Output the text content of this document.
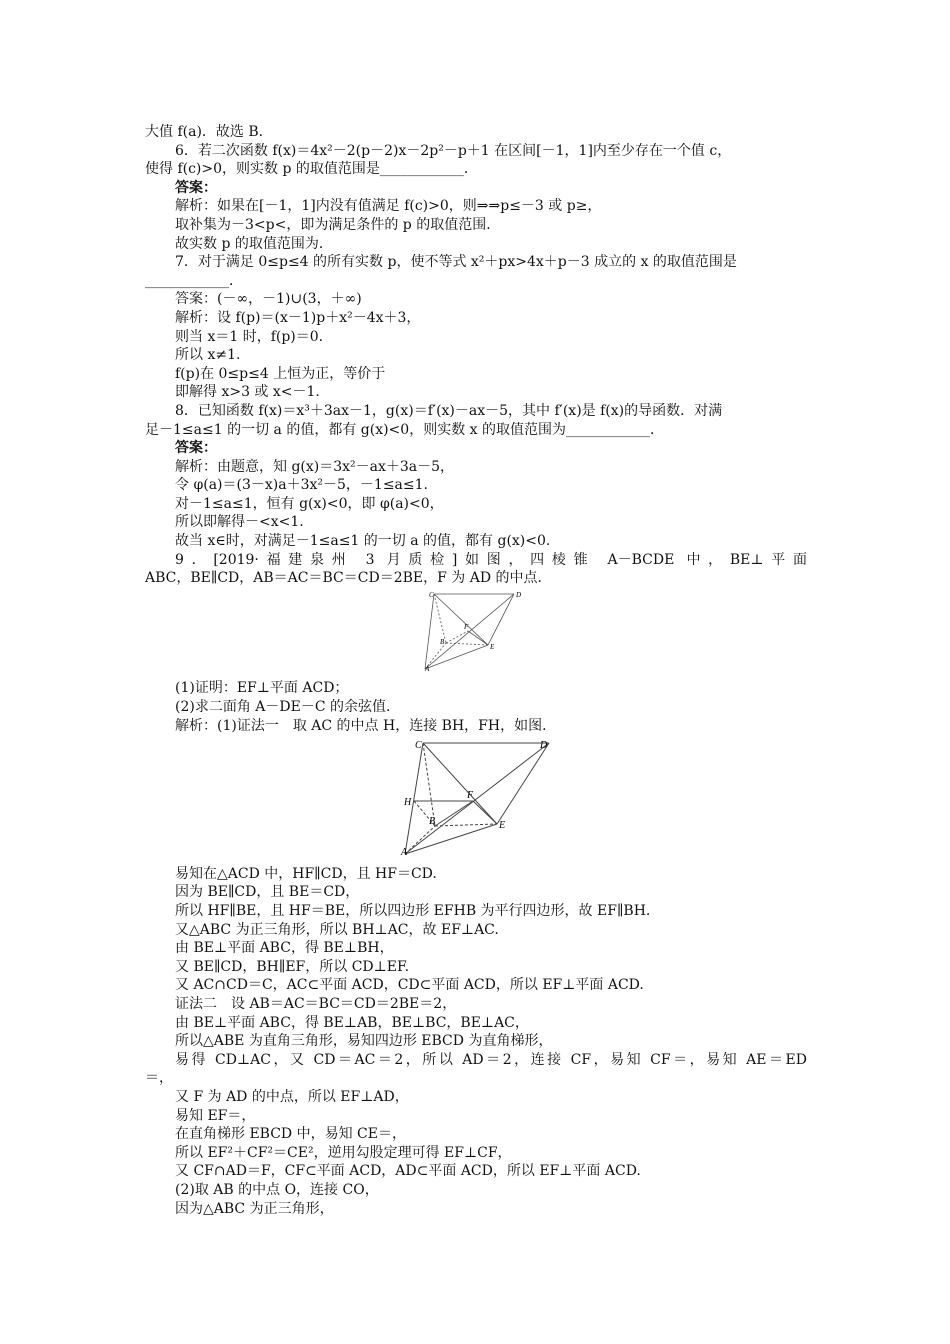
大值 f(a)．故选 B.
6．若二次函数 f(x)＝4x²－2(p－2)x－2p²－p＋1 在区间[－1，1]内至少存在一个值 c，
使得 f(c)>0，则实数 p 的取值范围是____________．
答案：
解析：如果在[－1，1]内没有值满足 f(c)>0，则⇒⇒p≤－3 或 p≥，
取补集为－3<p<，即为满足条件的 p 的取值范围．
故实数 p 的取值范围为．
7．对于满足 0≤p≤4 的所有实数 p，使不等式 x²＋px>4x＋p－3 成立的 x 的取值范围是
____________．
答案：(－∞，－1)∪(3，＋∞)
解析：设 f(p)＝(x－1)p＋x²－4x＋3，
则当 x＝1 时，f(p)＝0.
所以 x≠1.
f(p)在 0≤p≤4 上恒为正，等价于
即解得 x>3 或 x<－1.
8．已知函数 f(x)＝x³＋3ax－1，g(x)＝f′(x)－ax－5，其中 f′(x)是 f(x)的导函数．对满
足－1≤a≤1 的一切 a 的值，都有 g(x)<0，则实数 x 的取值范围为____________．
答案：
解析：由题意，知 g(x)＝3x²－ax＋3a－5，
令 φ(a)＝(3－x)a＋3x²－5，－1≤a≤1.
对－1≤a≤1，恒有 g(x)<0，即 φ(a)<0，
所以即解得－<x<1.
故当 x∈时，对满足－1≤a≤1 的一切 a 的值，都有 g(x)<0.
9．[2019·福建泉州 3 月质检]如图，四棱锥 A－BCDE 中，BE⊥平面
ABC，BE∥CD，AB＝AC＝BC＝CD＝2BE，F 为 AD 的中点．
C	D
B
F
E
A
(1)证明：EF⊥平面 ACD；
(2)求二面角 A－DE－C 的余弦值．
解析：(1)证法一　取 AC 的中点 H，连接 BH，FH，如图．
C	D
H
F
B	E
A
易知在△ACD 中，HF∥CD，且 HF＝CD.
因为 BE∥CD，且 BE＝CD，
所以 HF∥BE，且 HF＝BE，所以四边形 EFHB 为平行四边形，故 EF∥BH.
又△ABC 为正三角形，所以 BH⊥AC，故 EF⊥AC.
由 BE⊥平面 ABC，得 BE⊥BH，
又 BE∥CD，BH∥EF，所以 CD⊥EF.
又 AC∩CD＝C，AC⊂平面 ACD，CD⊂平面 ACD，所以 EF⊥平面 ACD.
证法二　设 AB＝AC＝BC＝CD＝2BE＝2，
由 BE⊥平面 ABC，得 BE⊥AB，BE⊥BC，BE⊥AC，
所以△ABE 为直角三角形，易知四边形 EBCD 为直角梯形，
易得 CD⊥AC，又 CD＝AC＝2，所以 AD＝2，连接 CF，易知 CF＝，易知 AE＝ED
＝，
又 F 为 AD 的中点，所以 EF⊥AD，
易知 EF＝，
在直角梯形 EBCD 中，易知 CE＝，
所以 EF²＋CF²＝CE²，逆用勾股定理可得 EF⊥CF，
又 CF∩AD＝F，CF⊂平面 ACD，AD⊂平面 ACD，所以 EF⊥平面 ACD.
(2)取 AB 的中点 O，连接 CO，
因为△ABC 为正三角形，
